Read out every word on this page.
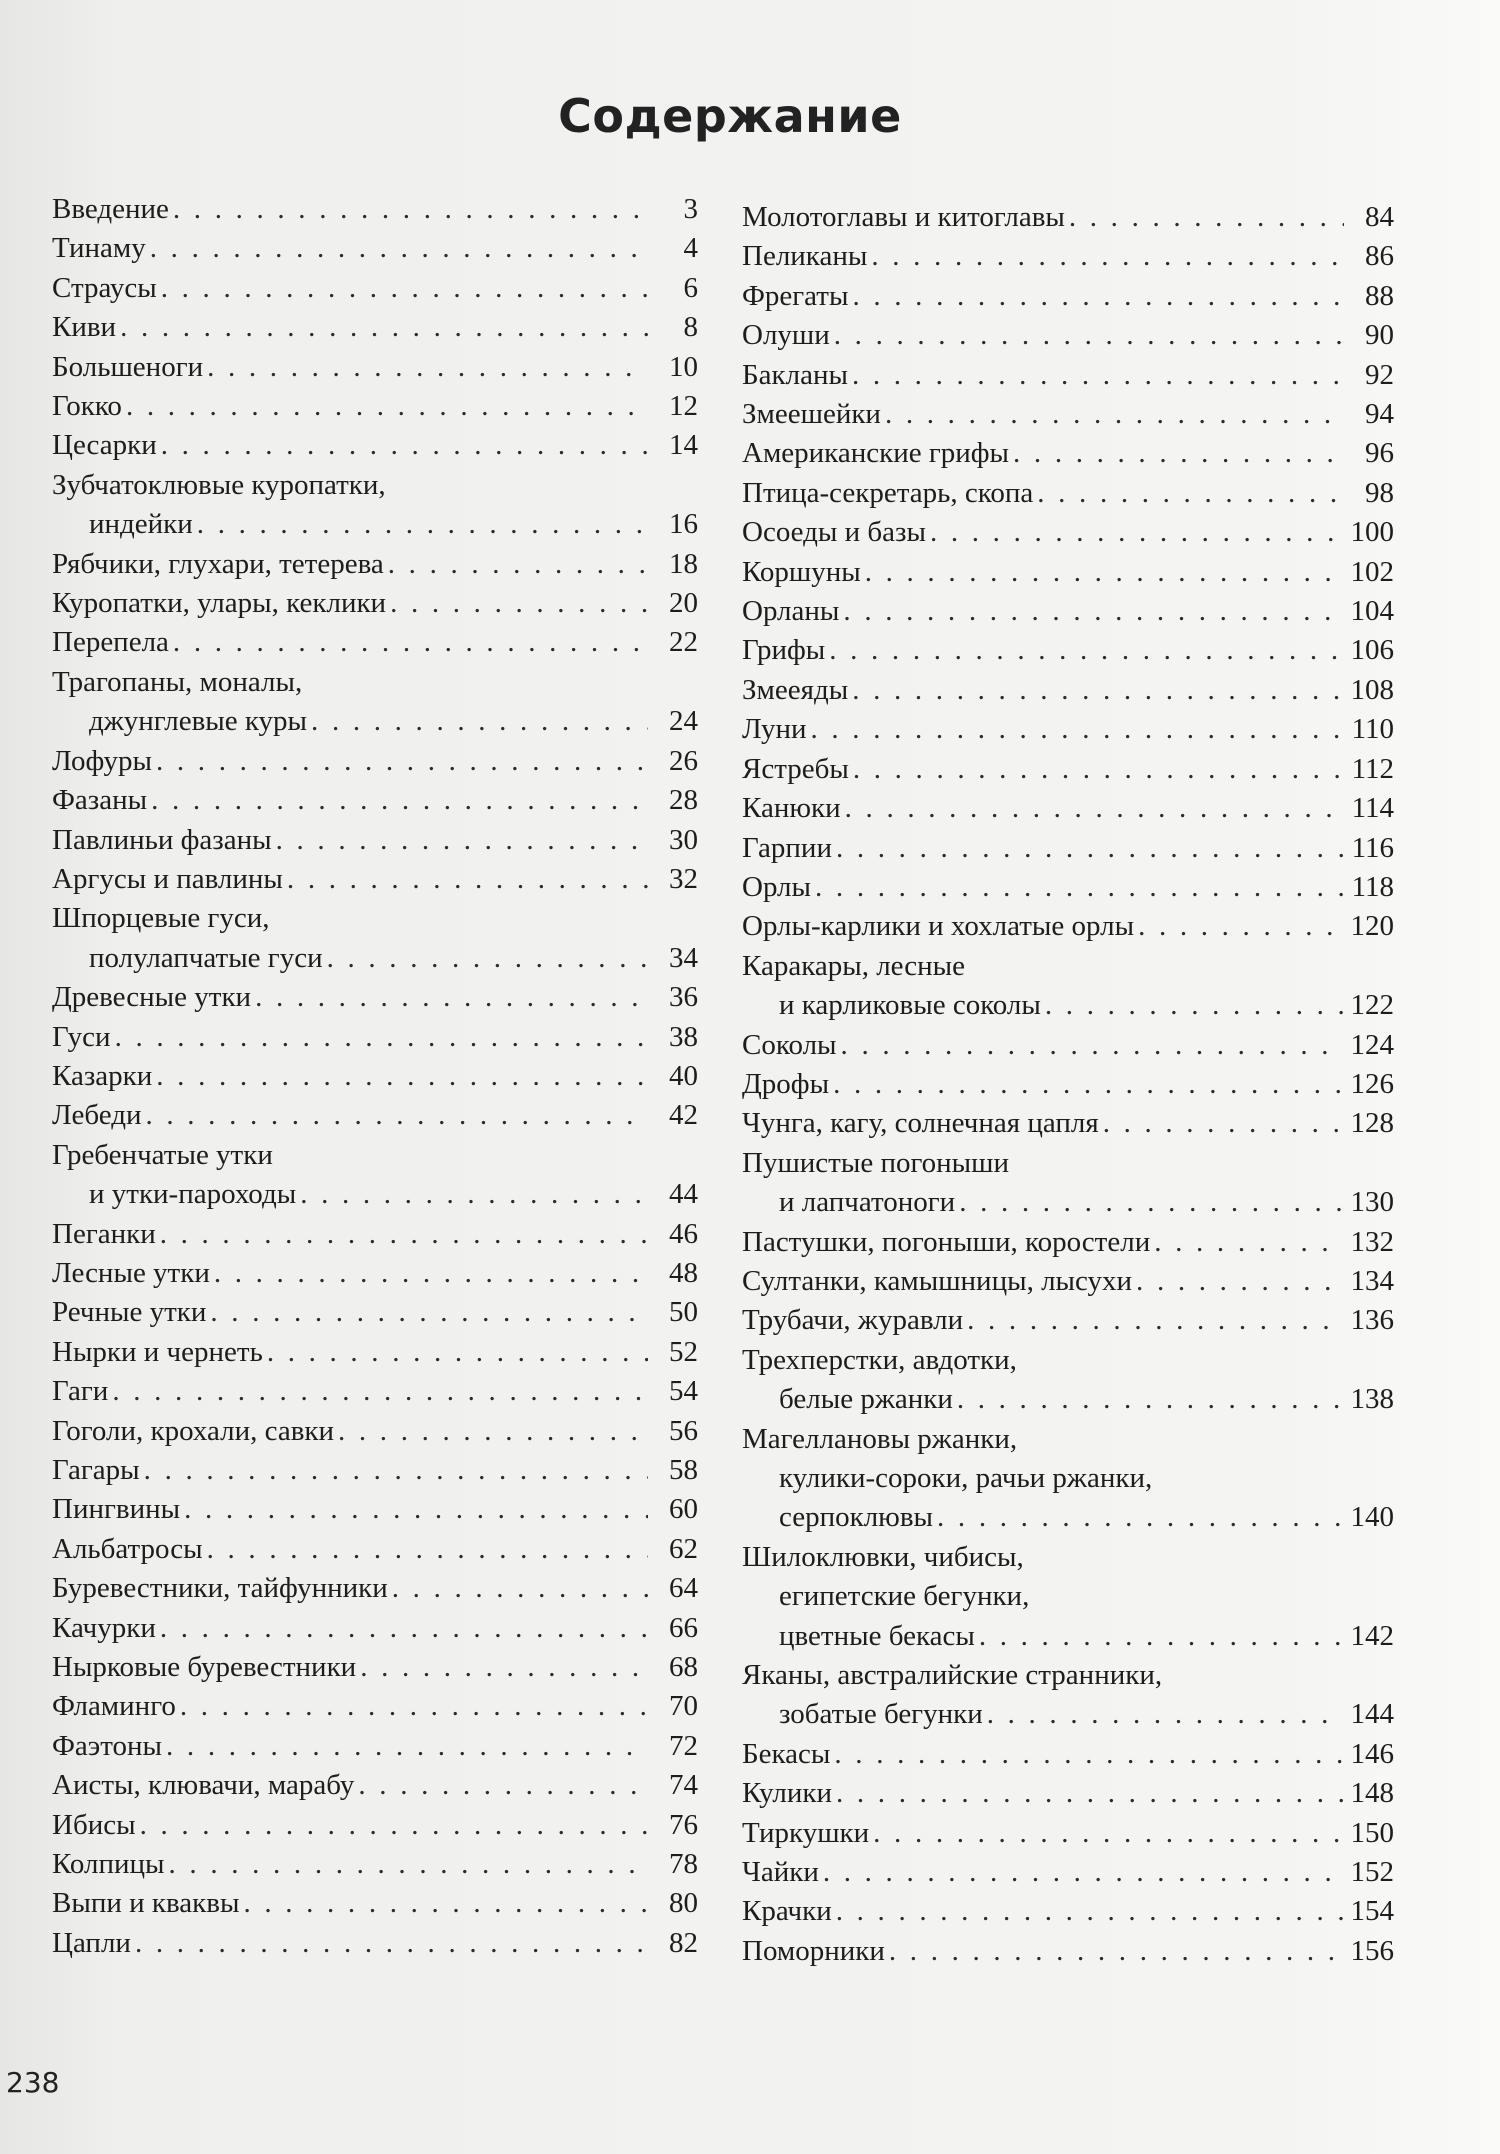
Содержание
Введение . . .	3
Тинаму . . .	4
Страусы . . .	6
Киви . . .	8
Большеноги . . .	10
Гокко . . .	12
Цесарки . . .	14
Зубчатоклювые куропатки,
индейки . . .	16
Рябчики, глухари, тетерева . . .	18
Куропатки, улары, кеклики . . .	20
Перепела . . .	22
Трагопаны, моналы,
джунглевые куры . . .	24
Лофуры . . .	26
Фазаны . . .	28
Павлиньи фазаны . . .	30
Аргусы и павлины . . .	32
Шпорцевые гуси,
полулапчатые гуси . . .	34
Древесные утки . . .	36
Гуси . . .	38
Казарки . . .	40
Лебеди . . .	42
Гребенчатые утки
и утки-пароходы . . .	44
Пеганки . . .	46
Лесные утки . . .	48
Речные утки . . .	50
Нырки и чернеть . . .	52
Гаги . . .	54
Гоголи, крохали, савки . . .	56
Гагары . . .	58
Пингвины . . .	60
Альбатросы . . .	62
Буревестники, тайфунники . . .	64
Качурки . . .	66
Нырковые буревестники . . .	68
Фламинго . . .	70
Фаэтоны . . .	72
Аисты, клювачи, марабу . . .	74
Ибисы . . .	76
Колпицы . . .	78
Выпи и кваквы . . .	80
Цапли . . .	82
Молотоглавы и китоглавы . . .	84
Пеликаны . . .	86
Фрегаты . . .	88
Олуши . . .	90
Бакланы . . .	92
Змеешейки . . .	94
Американские грифы . . .	96
Птица-секретарь, скопа . . .	98
Осоеды и базы . . .	100
Коршуны . . .	102
Орланы . . .	104
Грифы . . .	106
Змееяды . . .	108
Луни . . .	110
Ястребы . . .	112
Канюки . . .	114
Гарпии . . .	116
Орлы . . .	118
Орлы-карлики и хохлатые орлы . . .	120
Каракары, лесные
и карликовые соколы . . .	122
Соколы . . .	124
Дрофы . . .	126
Чунга, кагу, солнечная цапля . . .	128
Пушистые погоныши
и лапчатоноги . . .	130
Пастушки, погоныши, коростели . . .	132
Султанки, камышницы, лысухи . . .	134
Трубачи, журавли . . .	136
Трехперстки, авдотки,
белые ржанки . . .	138
Магеллановы ржанки,
кулики-сороки, рачьи ржанки,
серпоклювы . . .	140
Шилоклювки, чибисы,
египетские бегунки,
цветные бекасы . . .	142
Яканы, австралийские странники,
зобатые бегунки . . .	144
Бекасы . . .	146
Кулики . . .	148
Тиркушки . . .	150
Чайки . . .	152
Крачки . . .	154
Поморники . . .	156
238
